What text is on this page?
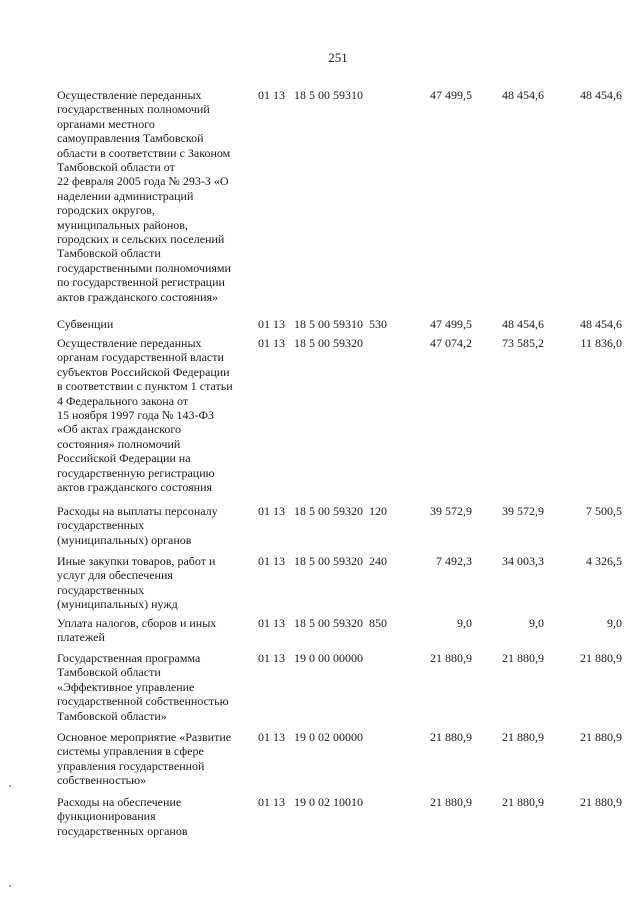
251
Осуществление переданных
государственных полномочий
органами местного
самоуправления Тамбовской
области в соответствии с Законом
Тамбовской области от
22 февраля 2005 года № 293-З «О
наделении администраций
городских округов,
муниципальных районов,
городских и сельских поселений
Тамбовской области
государственными полномочиями
по государственной регистрации
актов гражданского состояния»
01 13   18 5 00 59310	47 499,5	48 454,6	48 454,6
Субвенции	01 13   18 5 00 59310  530	47 499,5	48 454,6	48 454,6
Осуществление переданных
органам государственной власти
субъектов Российской Федерации
в соответствии с пунктом 1 статьи
4 Федерального закона от
15 ноября 1997 года № 143-ФЗ
«Об актах гражданского
состояния» полномочий
Российской Федерации на
государственную регистрацию
актов гражданского состояния
01 13   18 5 00 59320	47 074,2	73 585,2	11 836,0
Расходы на выплаты персоналу
государственных
(муниципальных) органов
01 13   18 5 00 59320  120	39 572,9	39 572,9	7 500,5
Иные закупки товаров, работ и
услуг для обеспечения
государственных
(муниципальных) нужд
01 13   18 5 00 59320  240	7 492,3	34 003,3	4 326,5
Уплата налогов, сборов и иных
платежей
01 13   18 5 00 59320  850	9,0	9,0	9,0
Государственная программа
Тамбовской области
«Эффективное управление
государственной собственностью
Тамбовской области»
01 13   19 0 00 00000	21 880,9	21 880,9	21 880,9
Основное мероприятие «Развитие
системы управления в сфере
управления государственной
собственностью»
01 13   19 0 02 00000	21 880,9	21 880,9	21 880,9
Расходы на обеспечение
функционирования
государственных органов
01 13   19 0 02 10010	21 880,9	21 880,9	21 880,9
